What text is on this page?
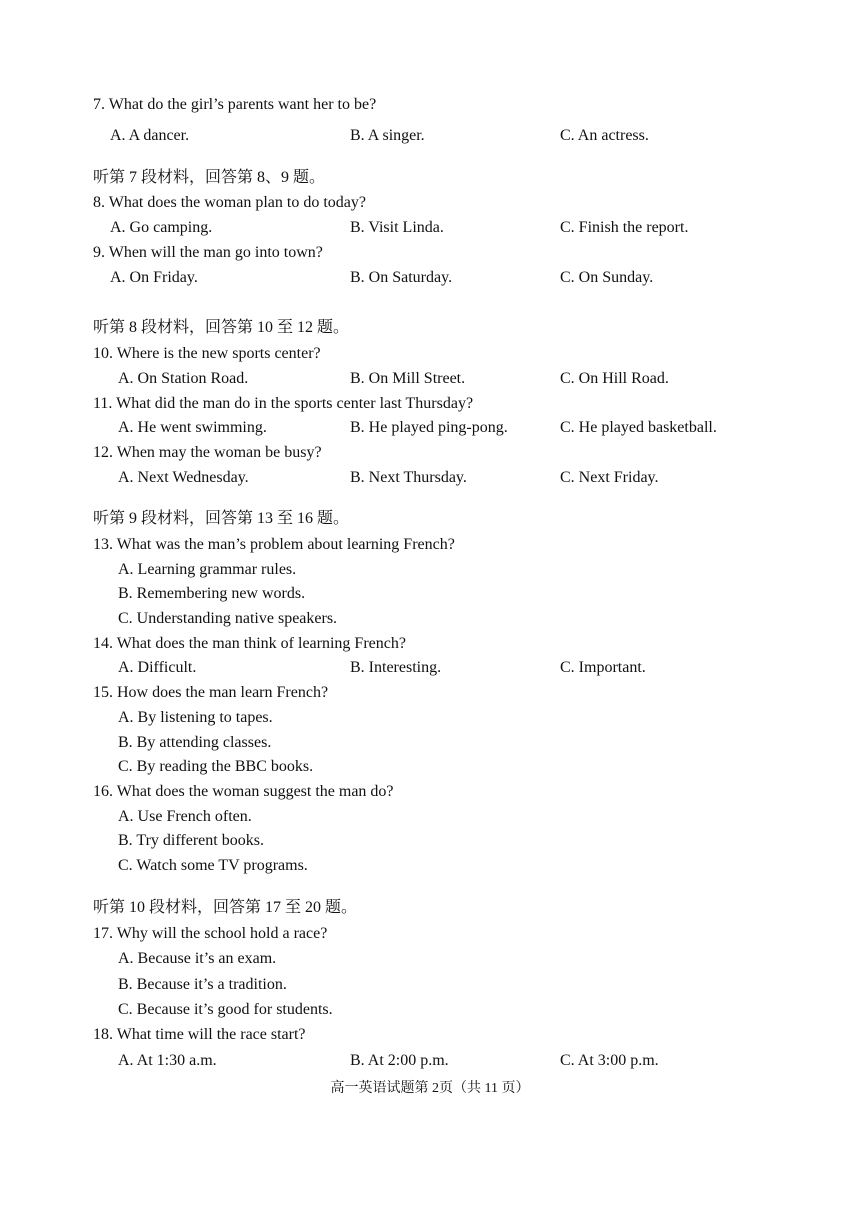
7. What do the girl’s parents want her to be?
A. A dancer.	B. A singer.	C. An actress.
听第 7 段材料，回答第 8、9 题。
8. What does the woman plan to do today?
A. Go camping.	B. Visit Linda.	C. Finish the report.
9. When will the man go into town?
A. On Friday.	B. On Saturday.	C. On Sunday.
听第 8 段材料，回答第 10 至 12 题。
10. Where is the new sports center?
A. On Station Road.	B. On Mill Street.	C. On Hill Road.
11. What did the man do in the sports center last Thursday?
A. He went swimming.	B. He played ping-pong.	C. He played basketball.
12. When may the woman be busy?
A. Next Wednesday.	B. Next Thursday.	C. Next Friday.
听第 9 段材料，回答第 13 至 16 题。
13. What was the man’s problem about learning French?
A. Learning grammar rules.
B. Remembering new words.
C. Understanding native speakers.
14. What does the man think of learning French?
A. Difficult.	B. Interesting.	C. Important.
15. How does the man learn French?
A. By listening to tapes.
B. By attending classes.
C. By reading the BBC books.
16. What does the woman suggest the man do?
A. Use French often.
B. Try different books.
C. Watch some TV programs.
听第 10 段材料，回答第 17 至 20 题。
17. Why will the school hold a race?
A. Because it’s an exam.
B. Because it’s a tradition.
C. Because it’s good for students.
18. What time will the race start?
A. At 1:30 a.m.	B. At 2:00 p.m.	C. At 3:00 p.m.
高一英语试题第 2页（共 11 页）
